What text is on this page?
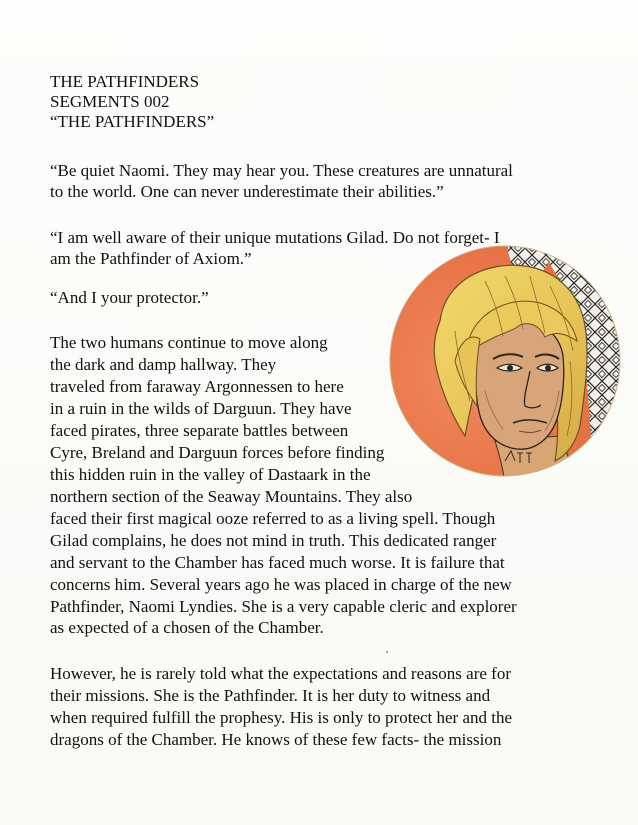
THE PATHFINDERS
SEGMENTS 002
“THE PATHFINDERS”
“Be quiet Naomi. They may hear you. These creatures are unnatural
to the world. One can never underestimate their abilities.”
“I am well aware of their unique mutations Gilad. Do not forget- I
am the Pathfinder of Axiom.”
“And I your protector.”
The two humans continue to move along
the dark and damp hallway. They
traveled from faraway Argonnessen to here
in a ruin in the wilds of Darguun. They have
faced pirates, three separate battles between
Cyre, Breland and Darguun forces before finding
this hidden ruin in the valley of Dastaark in the
northern section of the Seaway Mountains. They also
faced their first magical ooze referred to as a living spell. Though
Gilad complains, he does not mind in truth. This dedicated ranger
and servant to the Chamber has faced much worse. It is failure that
concerns him. Several years ago he was placed in charge of the new
Pathfinder, Naomi Lyndies. She is a very capable cleric and explorer
as expected of a chosen of the Chamber.
However, he is rarely told what the expectations and reasons are for
their missions. She is the Pathfinder. It is her duty to witness and
when required fulfill the prophesy. His is only to protect her and the
dragons of the Chamber. He knows of these few facts- the mission
